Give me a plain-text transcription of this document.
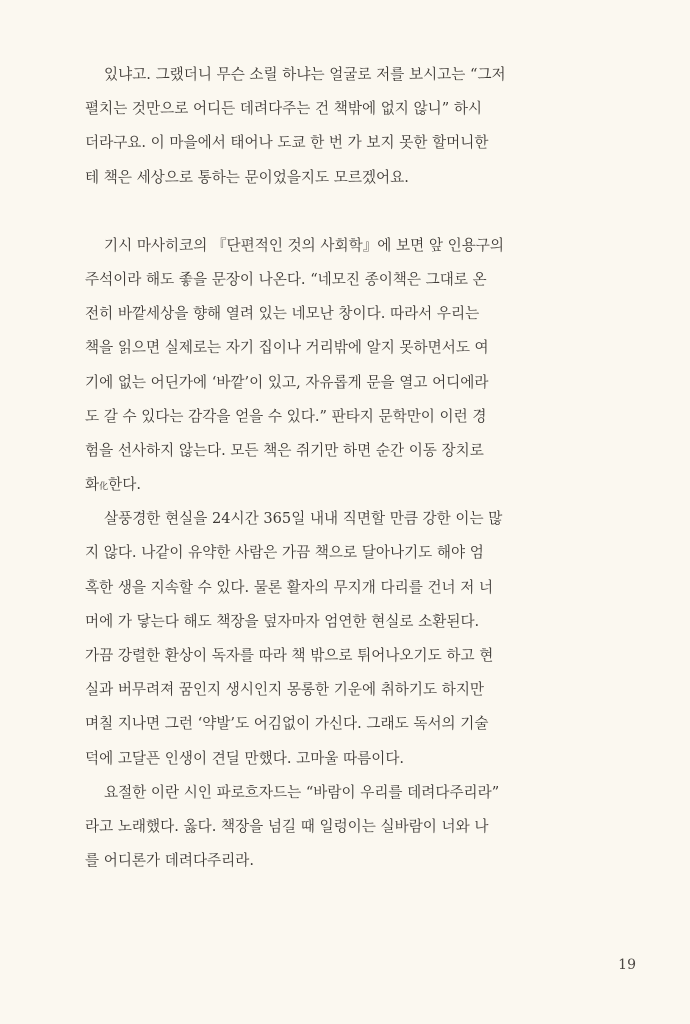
있냐고. 그랬더니 무슨 소릴 하냐는 얼굴로 저를 보시고는 “그저
펼치는 것만으로 어디든 데려다주는 건 책밖에 없지 않니” 하시
더라구요. 이 마을에서 태어나 도쿄 한 번 가 보지 못한 할머니한
테 책은 세상으로 통하는 문이었을지도 모르겠어요.
기시 마사히코의 『단편적인 것의 사회학』에 보면 앞 인용구의
주석이라 해도 좋을 문장이 나온다. “네모진 종이책은 그대로 온
전히 바깥세상을 향해 열려 있는 네모난 창이다. 따라서 우리는
책을 읽으면 실제로는 자기 집이나 거리밖에 알지 못하면서도 여
기에 없는 어딘가에 ‘바깥’이 있고, 자유롭게 문을 열고 어디에라
도 갈 수 있다는 감각을 얻을 수 있다.” 판타지 문학만이 이런 경
험을 선사하지 않는다. 모든 책은 쥐기만 하면 순간 이동 장치로
화化한다.
살풍경한 현실을 24시간 365일 내내 직면할 만큼 강한 이는 많
지 않다. 나같이 유약한 사람은 가끔 책으로 달아나기도 해야 엄
혹한 생을 지속할 수 있다. 물론 활자의 무지개 다리를 건너 저 너
머에 가 닿는다 해도 책장을 덮자마자 엄연한 현실로 소환된다.
가끔 강렬한 환상이 독자를 따라 책 밖으로 튀어나오기도 하고 현
실과 버무려져 꿈인지 생시인지 몽롱한 기운에 취하기도 하지만
며칠 지나면 그런 ‘약발’도 어김없이 가신다. 그래도 독서의 기술
덕에 고달픈 인생이 견딜 만했다. 고마울 따름이다.
요절한 이란 시인 파로흐자드는 “바람이 우리를 데려다주리라”
라고 노래했다. 옳다. 책장을 넘길 때 일렁이는 실바람이 너와 나
를 어디론가 데려다주리라.
19
